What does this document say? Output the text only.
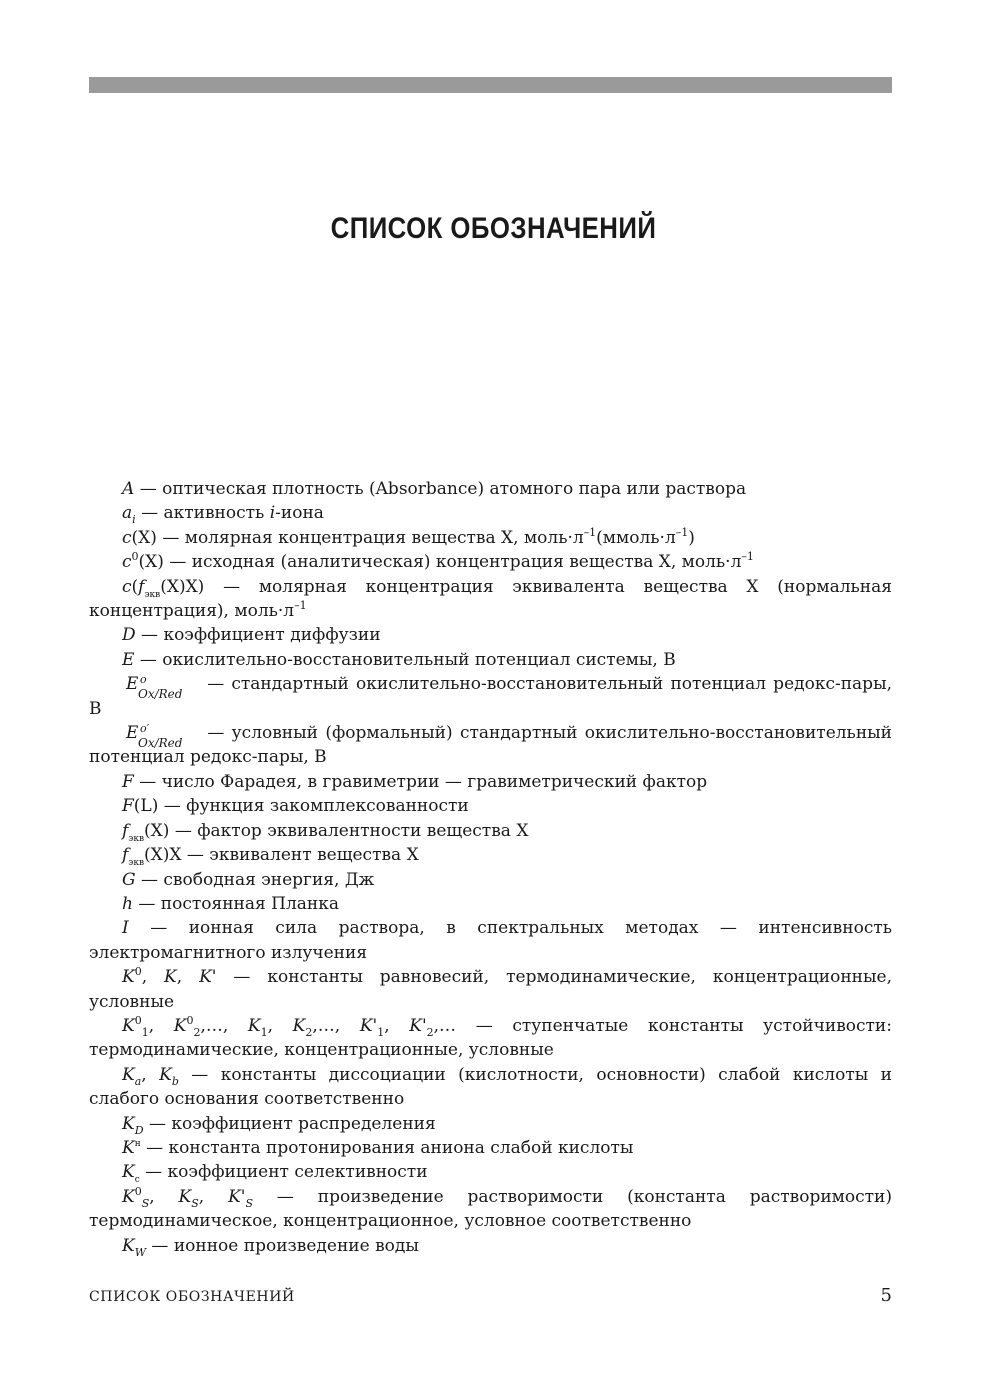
СПИСОК ОБОЗНАЧЕНИЙ

A — оптическая плотность (Absorbance) атомного пара или раствора

$a_i$ — активность i-иона

c(X) — молярная концентрация вещества X, $моль\cdot л^{-1}(ммоль\cdot л^{-1})$

$c^0(X)$ — исходная (аналитическая) концентрация вещества X, $моль\cdot л^{-1}$

$c(f_{экв}(X)X)$ — молярная концентрация эквивалента вещества X (нормальная концентрация), $моль\cdot л^{-1}$

D — коэффициент диффузии

E — окислительно-восстановительный потенциал системы, В

E o
Ox/Red — стандартный окислительно-восстановительный потенциал редокс-пары, В

E o′
Ox/Red — условный (формальный) стандартный окислительно-восстановительный потенциал редокс-пары, В

F — число Фарадея, в гравиметрии — гравиметрический фактор

F(L) — функция закомплексованности

$f_{экв}(X)$ — фактор эквивалентности вещества X

$f_{экв}(X)X$ — эквивалент вещества X

G — свободная энергия, Дж

h — постоянная Планка

I — ионная сила раствора, в спектральных методах — интенсивность электромагнитного излучения

$K^0$, K, K' — константы равновесий, термодинамические, концентрационные, условные

$K^0_1$, $K^0_2,\dots$, $K_1$, $K_2,\dots$, $K'_1$, $K'_2,\dots$ — ступенчатые константы устойчивости: термодинамические, концентрационные, условные

$K_a$, $K_b$ — константы диссоциации (кислотности, основности) слабой кислоты и слабого основания соответственно

$K_D$ — коэффициент распределения

$K^н$ — константа протонирования аниона слабой кислоты

$K_с$ — коэффициент селективности

$K^0_S$, $K_S$, $K'_S$ — произведение растворимости (константа растворимости) термодинамическое, концентрационное, условное соответственно

$K_W$ — ионное произведение воды

СПИСОК ОБОЗНАЧЕНИЙ	5
